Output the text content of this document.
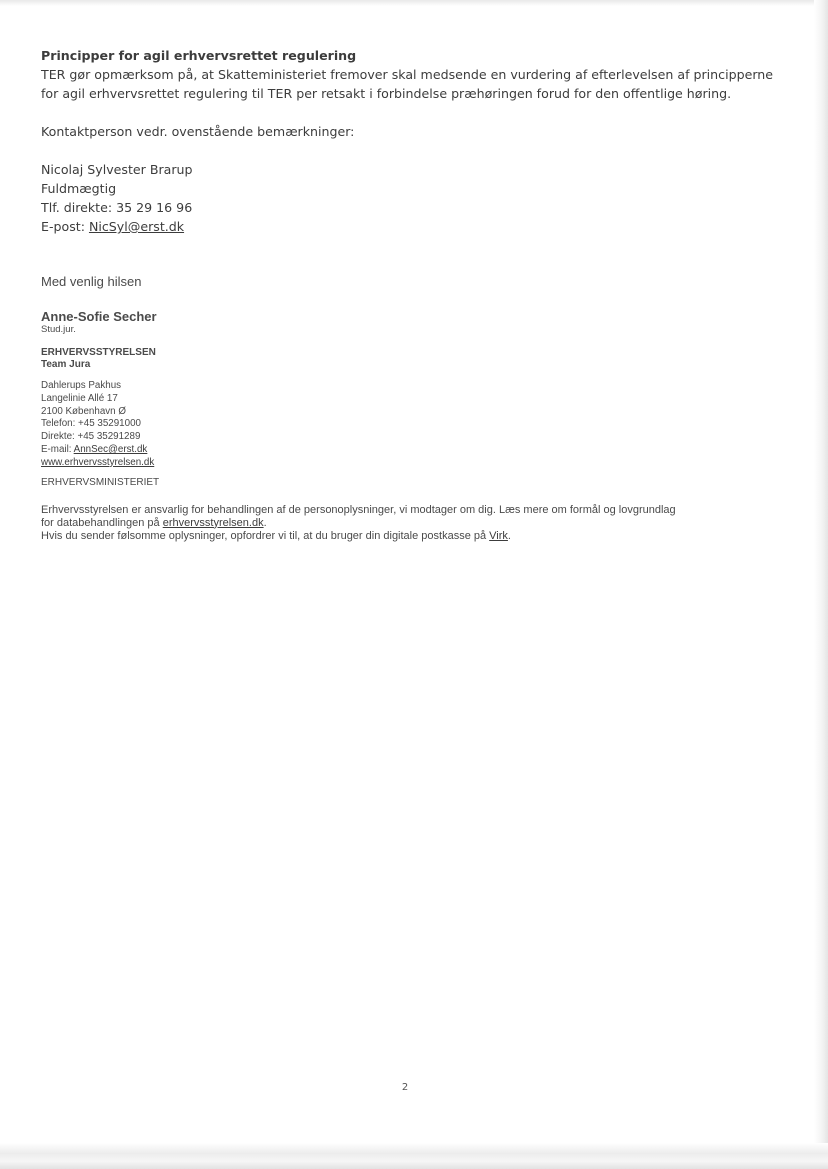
Principper for agil erhvervsrettet regulering

TER gør opmærksom på, at Skatteministeriet fremover skal medsende en vurdering af efterlevelsen af principperne

for agil erhvervsrettet regulering til TER per retsakt i forbindelse præhøringen forud for den offentlige høring.

Kontaktperson vedr. ovenstående bemærkninger:

Nicolaj Sylvester Brarup

Fuldmægtig

Tlf. direkte: 35 29 16 96

E-post: NicSyl@erst.dk

Med venlig hilsen

Anne-Sofie Secher

Stud.jur.

ERHVERVSSTYRELSEN

Team Jura

Dahlerups Pakhus

Langelinie Allé 17

2100 København Ø

Telefon: +45 35291000

Direkte: +45 35291289

E-mail: AnnSec@erst.dk

www.erhvervsstyrelsen.dk

ERHVERVSMINISTERIET

Erhvervsstyrelsen er ansvarlig for behandlingen af de personoplysninger, vi modtager om dig. Læs mere om formål og lovgrundlag

for databehandlingen på erhvervsstyrelsen.dk.

Hvis du sender følsomme oplysninger, opfordrer vi til, at du bruger din digitale postkasse på Virk.

2
